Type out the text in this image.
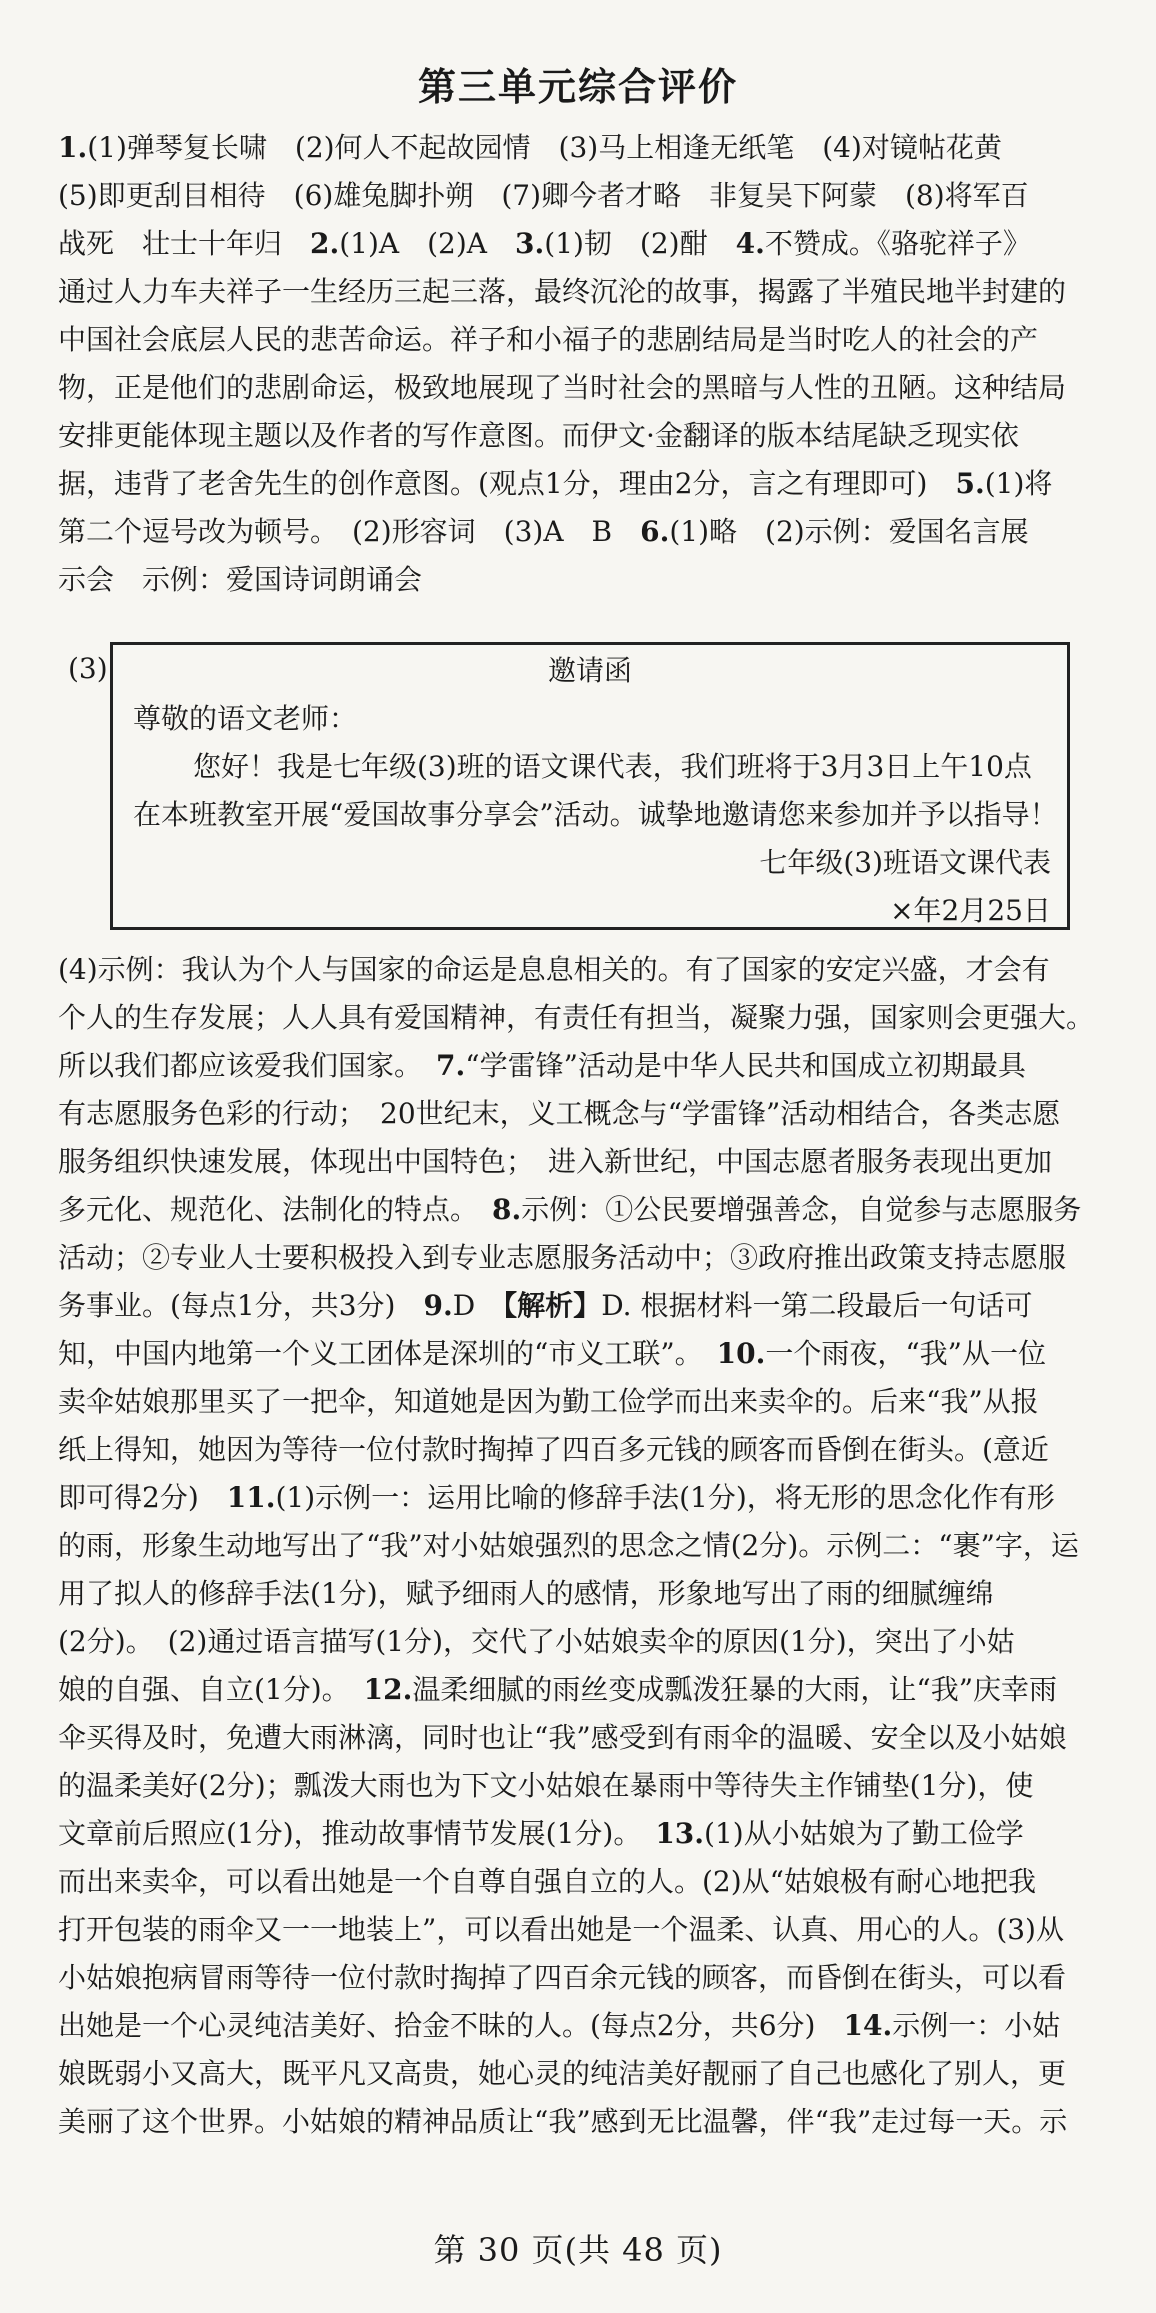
第三单元综合评价

1.(1)弹琴复长啸　(2)何人不起故园情　(3)马上相逢无纸笔　(4)对镜帖花黄

(5)即更刮目相待　(6)雄兔脚扑朔　(7)卿今者才略　非复吴下阿蒙　(8)将军百

战死　壮士十年归　2.(1)A　(2)A　3.(1)韧　(2)酣　4.不赞成。《骆驼祥子》

通过人力车夫祥子一生经历三起三落，最终沉沦的故事，揭露了半殖民地半封建的

中国社会底层人民的悲苦命运。祥子和小福子的悲剧结局是当时吃人的社会的产

物，正是他们的悲剧命运，极致地展现了当时社会的黑暗与人性的丑陋。这种结局

安排更能体现主题以及作者的写作意图。而伊文·金翻译的版本结尾缺乏现实依

据，违背了老舍先生的创作意图。(观点1分，理由2分，言之有理即可)　5.(1)将

第二个逗号改为顿号。　(2)形容词　(3)A　B　6.(1)略　(2)示例：爱国名言展

示会　示例：爱国诗词朗诵会

(3)	邀请函

尊敬的语文老师：

您好！我是七年级(3)班的语文课代表，我们班将于3月3日上午10点

在本班教室开展“爱国故事分享会”活动。诚挚地邀请您来参加并予以指导！

七年级(3)班语文课代表

×年2月25日

(4)示例：我认为个人与国家的命运是息息相关的。有了国家的安定兴盛，才会有

个人的生存发展；人人具有爱国精神，有责任有担当，凝聚力强，国家则会更强大。

所以我们都应该爱我们国家。　7.“学雷锋”活动是中华人民共和国成立初期最具

有志愿服务色彩的行动；　20世纪末，义工概念与“学雷锋”活动相结合，各类志愿

服务组织快速发展，体现出中国特色；　进入新世纪，中国志愿者服务表现出更加

多元化、规范化、法制化的特点。　8.示例：①公民要增强善念，自觉参与志愿服务

活动；②专业人士要积极投入到专业志愿服务活动中；③政府推出政策支持志愿服

务事业。(每点1分，共3分)　9.D　【解析】D. 根据材料一第二段最后一句话可

知，中国内地第一个义工团体是深圳的“市义工联”。　10.一个雨夜，“我”从一位

卖伞姑娘那里买了一把伞，知道她是因为勤工俭学而出来卖伞的。后来“我”从报

纸上得知，她因为等待一位付款时掏掉了四百多元钱的顾客而昏倒在街头。(意近

即可得2分)　11.(1)示例一：运用比喻的修辞手法(1分)，将无形的思念化作有形

的雨，形象生动地写出了“我”对小姑娘强烈的思念之情(2分)。示例二：“裹”字，运

用了拟人的修辞手法(1分)，赋予细雨人的感情，形象地写出了雨的细腻缠绵

(2分)。　(2)通过语言描写(1分)，交代了小姑娘卖伞的原因(1分)，突出了小姑

娘的自强、自立(1分)。　12.温柔细腻的雨丝变成瓢泼狂暴的大雨，让“我”庆幸雨

伞买得及时，免遭大雨淋漓，同时也让“我”感受到有雨伞的温暖、安全以及小姑娘

的温柔美好(2分)；瓢泼大雨也为下文小姑娘在暴雨中等待失主作铺垫(1分)，使

文章前后照应(1分)，推动故事情节发展(1分)。　13.(1)从小姑娘为了勤工俭学

而出来卖伞，可以看出她是一个自尊自强自立的人。(2)从“姑娘极有耐心地把我

打开包装的雨伞又一一地装上”，可以看出她是一个温柔、认真、用心的人。(3)从

小姑娘抱病冒雨等待一位付款时掏掉了四百余元钱的顾客，而昏倒在街头，可以看

出她是一个心灵纯洁美好、拾金不昧的人。(每点2分，共6分)　14.示例一：小姑

娘既弱小又高大，既平凡又高贵，她心灵的纯洁美好靓丽了自己也感化了别人，更

美丽了这个世界。小姑娘的精神品质让“我”感到无比温馨，伴“我”走过每一天。示

第 30 页(共 48 页)
